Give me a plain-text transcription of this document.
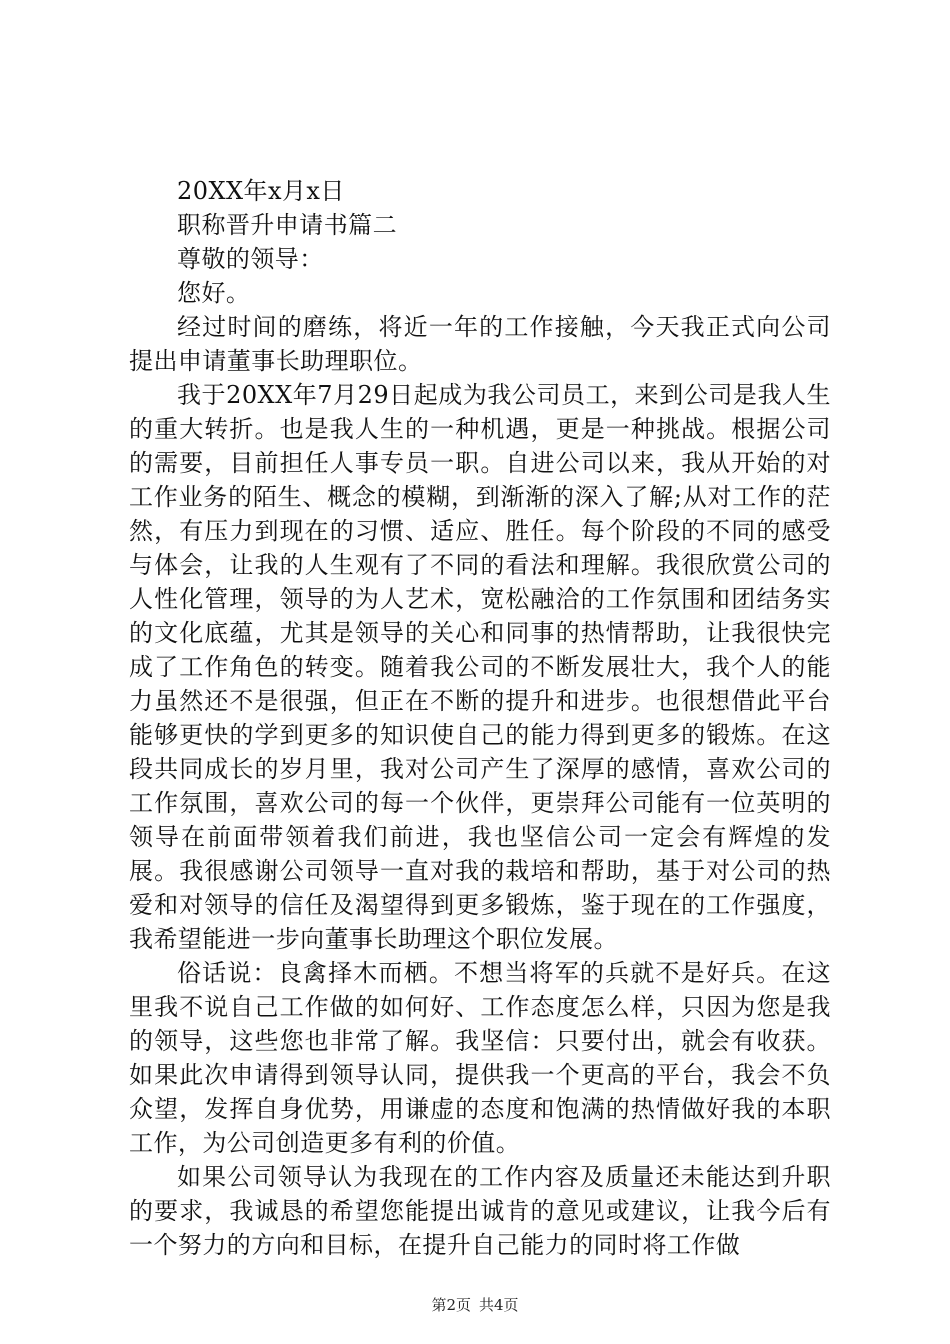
20XX年x月x日

职称晋升申请书篇二

尊敬的领导：

您好。

经过时间的磨练，将近一年的工作接触，今天我正式向公司提出申请董事长助理职位。

我于20XX年7月29日起成为我公司员工，来到公司是我人生的重大转折。也是我人生的一种机遇，更是一种挑战。根据公司的需要，目前担任人事专员一职。自进公司以来，我从开始的对工作业务的陌生、概念的模糊，到渐渐的深入了解;从对工作的茫然，有压力到现在的习惯、适应、胜任。每个阶段的不同的感受与体会，让我的人生观有了不同的看法和理解。我很欣赏公司的人性化管理，领导的为人艺术，宽松融洽的工作氛围和团结务实的文化底蕴，尤其是领导的关心和同事的热情帮助，让我很快完成了工作角色的转变。随着我公司的不断发展壮大，我个人的能力虽然还不是很强，但正在不断的提升和进步。也很想借此平台能够更快的学到更多的知识使自己的能力得到更多的锻炼。在这段共同成长的岁月里，我对公司产生了深厚的感情，喜欢公司的工作氛围，喜欢公司的每一个伙伴，更崇拜公司能有一位英明的领导在前面带领着我们前进，我也坚信公司一定会有辉煌的发展。我很感谢公司领导一直对我的栽培和帮助，基于对公司的热爱和对领导的信任及渴望得到更多锻炼，鉴于现在的工作强度，我希望能进一步向董事长助理这个职位发展。

俗话说：良禽择木而栖。不想当将军的兵就不是好兵。在这里我不说自己工作做的如何好、工作态度怎么样，只因为您是我的领导，这些您也非常了解。我坚信：只要付出，就会有收获。如果此次申请得到领导认同，提供我一个更高的平台，我会不负众望，发挥自身优势，用谦虚的态度和饱满的热情做好我的本职工作，为公司创造更多有利的价值。

如果公司领导认为我现在的工作内容及质量还未能达到升职的要求，我诚恳的希望您能提出诚肯的意见或建议，让我今后有一个努力的方向和目标，在提升自己能力的同时将工作做

第2页 共4页
